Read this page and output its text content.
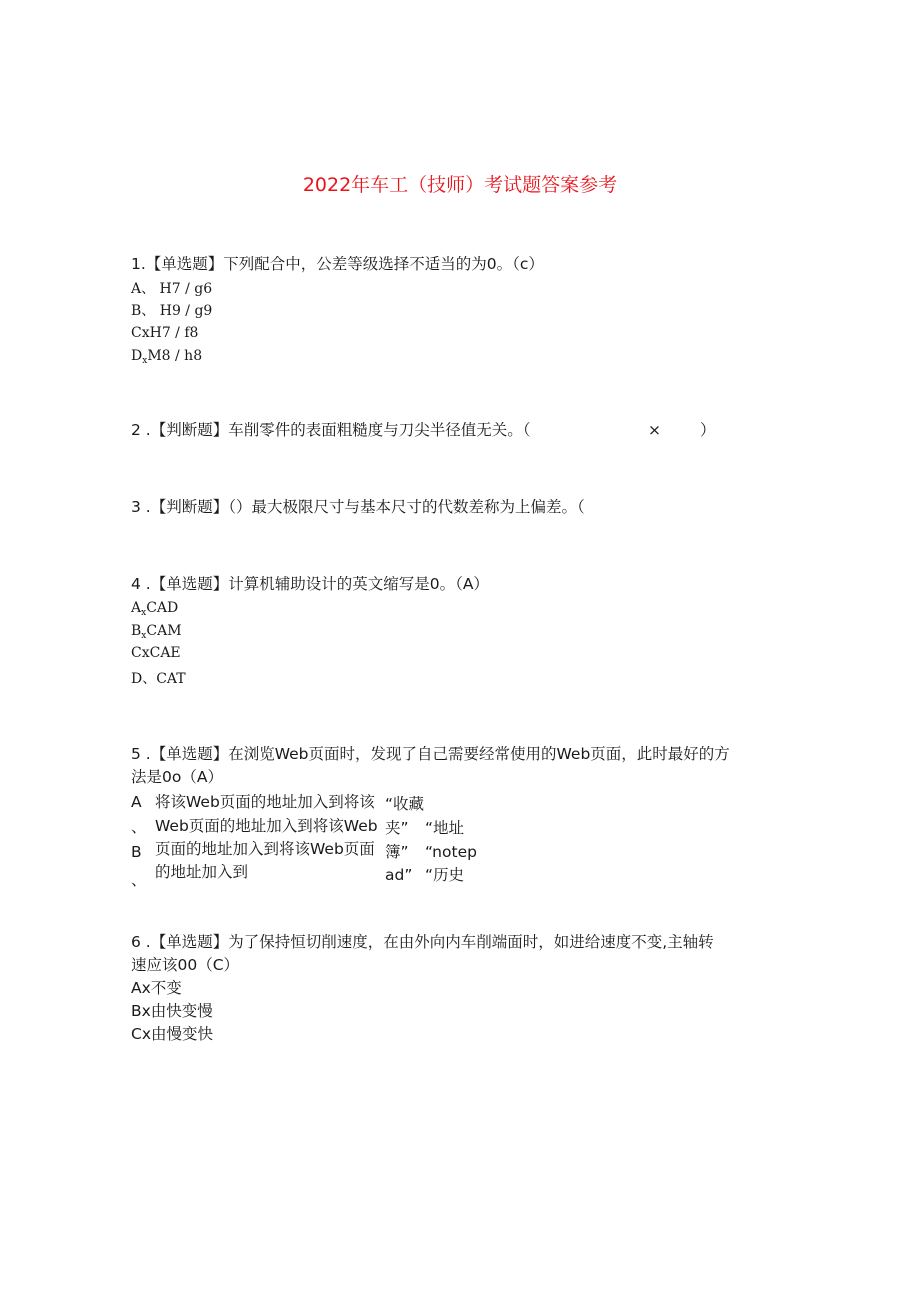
2022年车工（技师）考试题答案参考
1.【单选题】下列配合中，公差等级选择不适当的为0。（c）
A、 H7 / g6
B、 H9 / g9
CxH7 / f8
$D_xM8 / h8$
2 .【判断题】车削零件的表面粗糙度与刀尖半径值无关。（	×	）
3 .【判断题】（）最大极限尺寸与基本尺寸的代数差称为上偏差。（
4 .【单选题】计算机辅助设计的英文缩写是0。（A）
$A_xCAD$
$B_xCAM$
CxCAE
D、CAT
5 .【单选题】在浏览Web页面时，发现了自己需要经常使用的Web页面，此时最好的方
法是0o（A）
A
、
B
、
将该Web页面的地址加入到将该
Web页面的地址加入到将该Web
页面的地址加入到将该Web页面
的地址加入到
“收藏
夹”
簿”
ad”
“地址
“notep
“历史
6 .【单选题】为了保持恒切削速度，在由外向内车削端面时，如进给速度不变,主轴转
速应该00（C）
Ax不变
Bx由快变慢
Cx由慢变快
